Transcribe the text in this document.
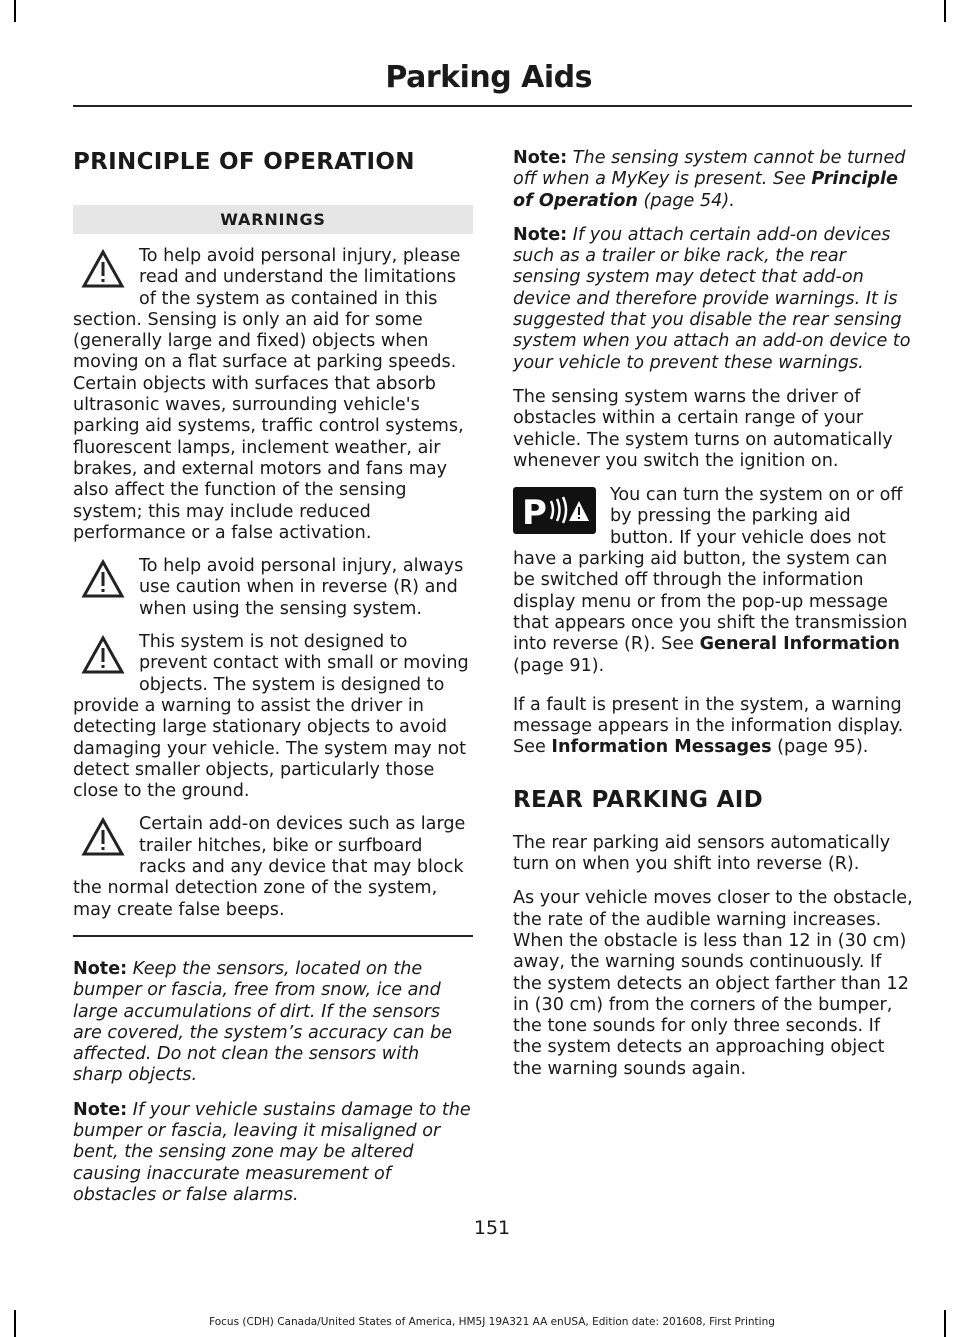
Parking Aids
PRINCIPLE OF OPERATION
WARNINGS
To help avoid personal injury, please read and understand the limitations of the system as contained in this section. Sensing is only an aid for some (generally large and fixed) objects when moving on a flat surface at parking speeds. Certain objects with surfaces that absorb ultrasonic waves, surrounding vehicle's parking aid systems, traffic control systems, fluorescent lamps, inclement weather, air brakes, and external motors and fans may also affect the function of the sensing system; this may include reduced performance or a false activation.
To help avoid personal injury, always use caution when in reverse (R) and when using the sensing system.
This system is not designed to prevent contact with small or moving objects. The system is designed to provide a warning to assist the driver in detecting large stationary objects to avoid damaging your vehicle. The system may not detect smaller objects, particularly those close to the ground.
Certain add-on devices such as large trailer hitches, bike or surfboard racks and any device that may block the normal detection zone of the system, may create false beeps.

Note: Keep the sensors, located on the bumper or fascia, free from snow, ice and large accumulations of dirt. If the sensors are covered, the system’s accuracy can be affected. Do not clean the sensors with sharp objects.

Note: If your vehicle sustains damage to the bumper or fascia, leaving it misaligned or bent, the sensing zone may be altered causing inaccurate measurement of obstacles or false alarms.

Note: The sensing system cannot be turned off when a MyKey is present. See Principle of Operation (page 54).

Note: If you attach certain add-on devices such as a trailer or bike rack, the rear sensing system may detect that add-on device and therefore provide warnings. It is suggested that you disable the rear sensing system when you attach an add-on device to your vehicle to prevent these warnings.

The sensing system warns the driver of obstacles within a certain range of your vehicle. The system turns on automatically whenever you switch the ignition on.

P	You can turn the system on or off by pressing the parking aid button. If your vehicle does not have a parking aid button, the system can be switched off through the information display menu or from the pop-up message that appears once you shift the transmission into reverse (R). See General Information (page 91).

If a fault is present in the system, a warning message appears in the information display. See Information Messages (page 95).

REAR PARKING AID

The rear parking aid sensors automatically turn on when you shift into reverse (R).

As your vehicle moves closer to the obstacle, the rate of the audible warning increases. When the obstacle is less than 12 in (30 cm) away, the warning sounds continuously. If the system detects an object farther than 12 in (30 cm) from the corners of the bumper, the tone sounds for only three seconds. If the system detects an approaching object the warning sounds again.

151
Focus (CDH) Canada/United States of America, HM5J 19A321 AA enUSA, Edition date: 201608, First Printing
